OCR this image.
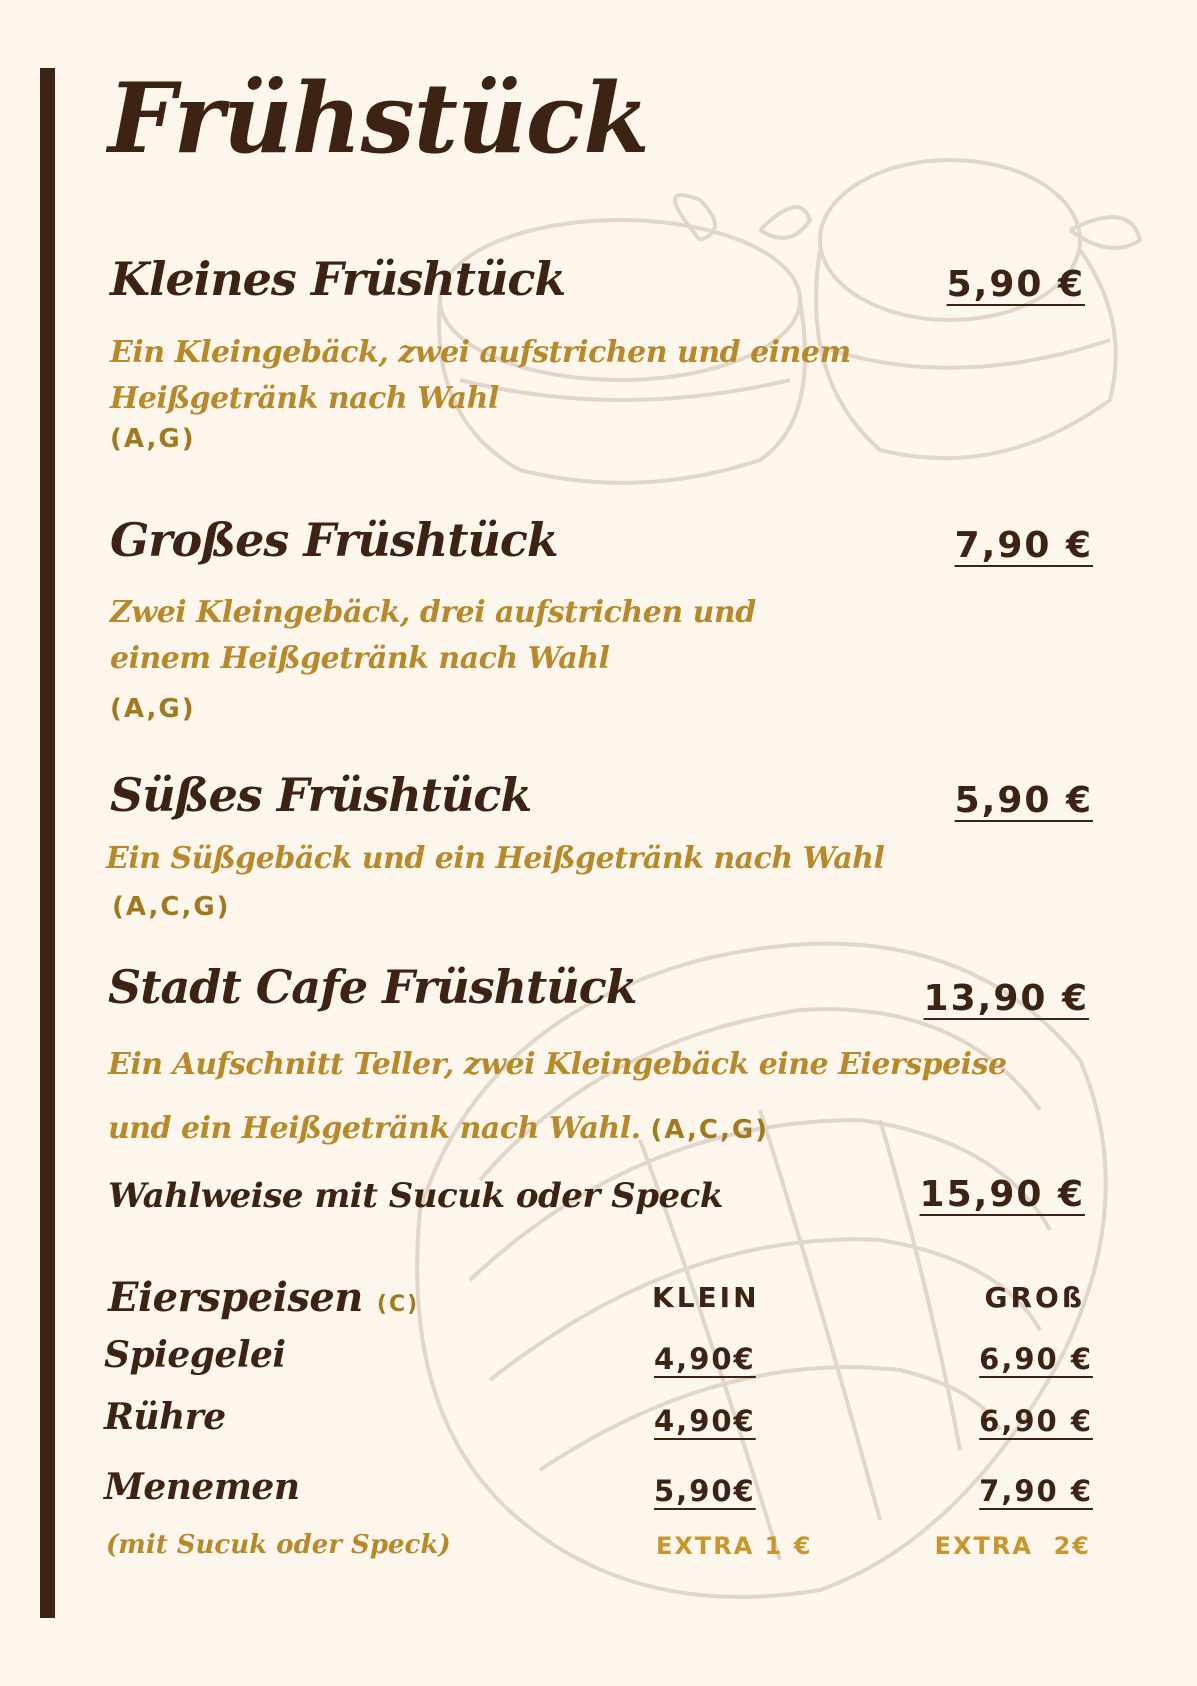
Frühstück
Kleines Früshtück	5,90 €
Ein Kleingebäck, zwei aufstrichen und einem Heißgetränk nach Wahl
(A,G)
Großes Früshtück	7,90 €
Zwei Kleingebäck, drei aufstrichen und einem Heißgetränk nach Wahl
(A,G)
Süßes Früshtück	5,90 €
Ein Süßgebäck und ein Heißgetränk nach Wahl
(A,C,G)
Stadt Cafe Früshtück	13,90 €
Ein Aufschnitt Teller, zwei Kleingebäck eine Eierspeise
und ein Heißgetränk nach Wahl. (A,C,G)
Wahlweise mit Sucuk oder Speck	15,90 €
Eierspeisen (C)	KLEIN	GROß
Spiegelei	4,90€	6,90 €
Rühre	4,90€	6,90 €
Menemen	5,90€	7,90 €
(mit Sucuk oder Speck)	EXTRA 1 €	EXTRA  2€
